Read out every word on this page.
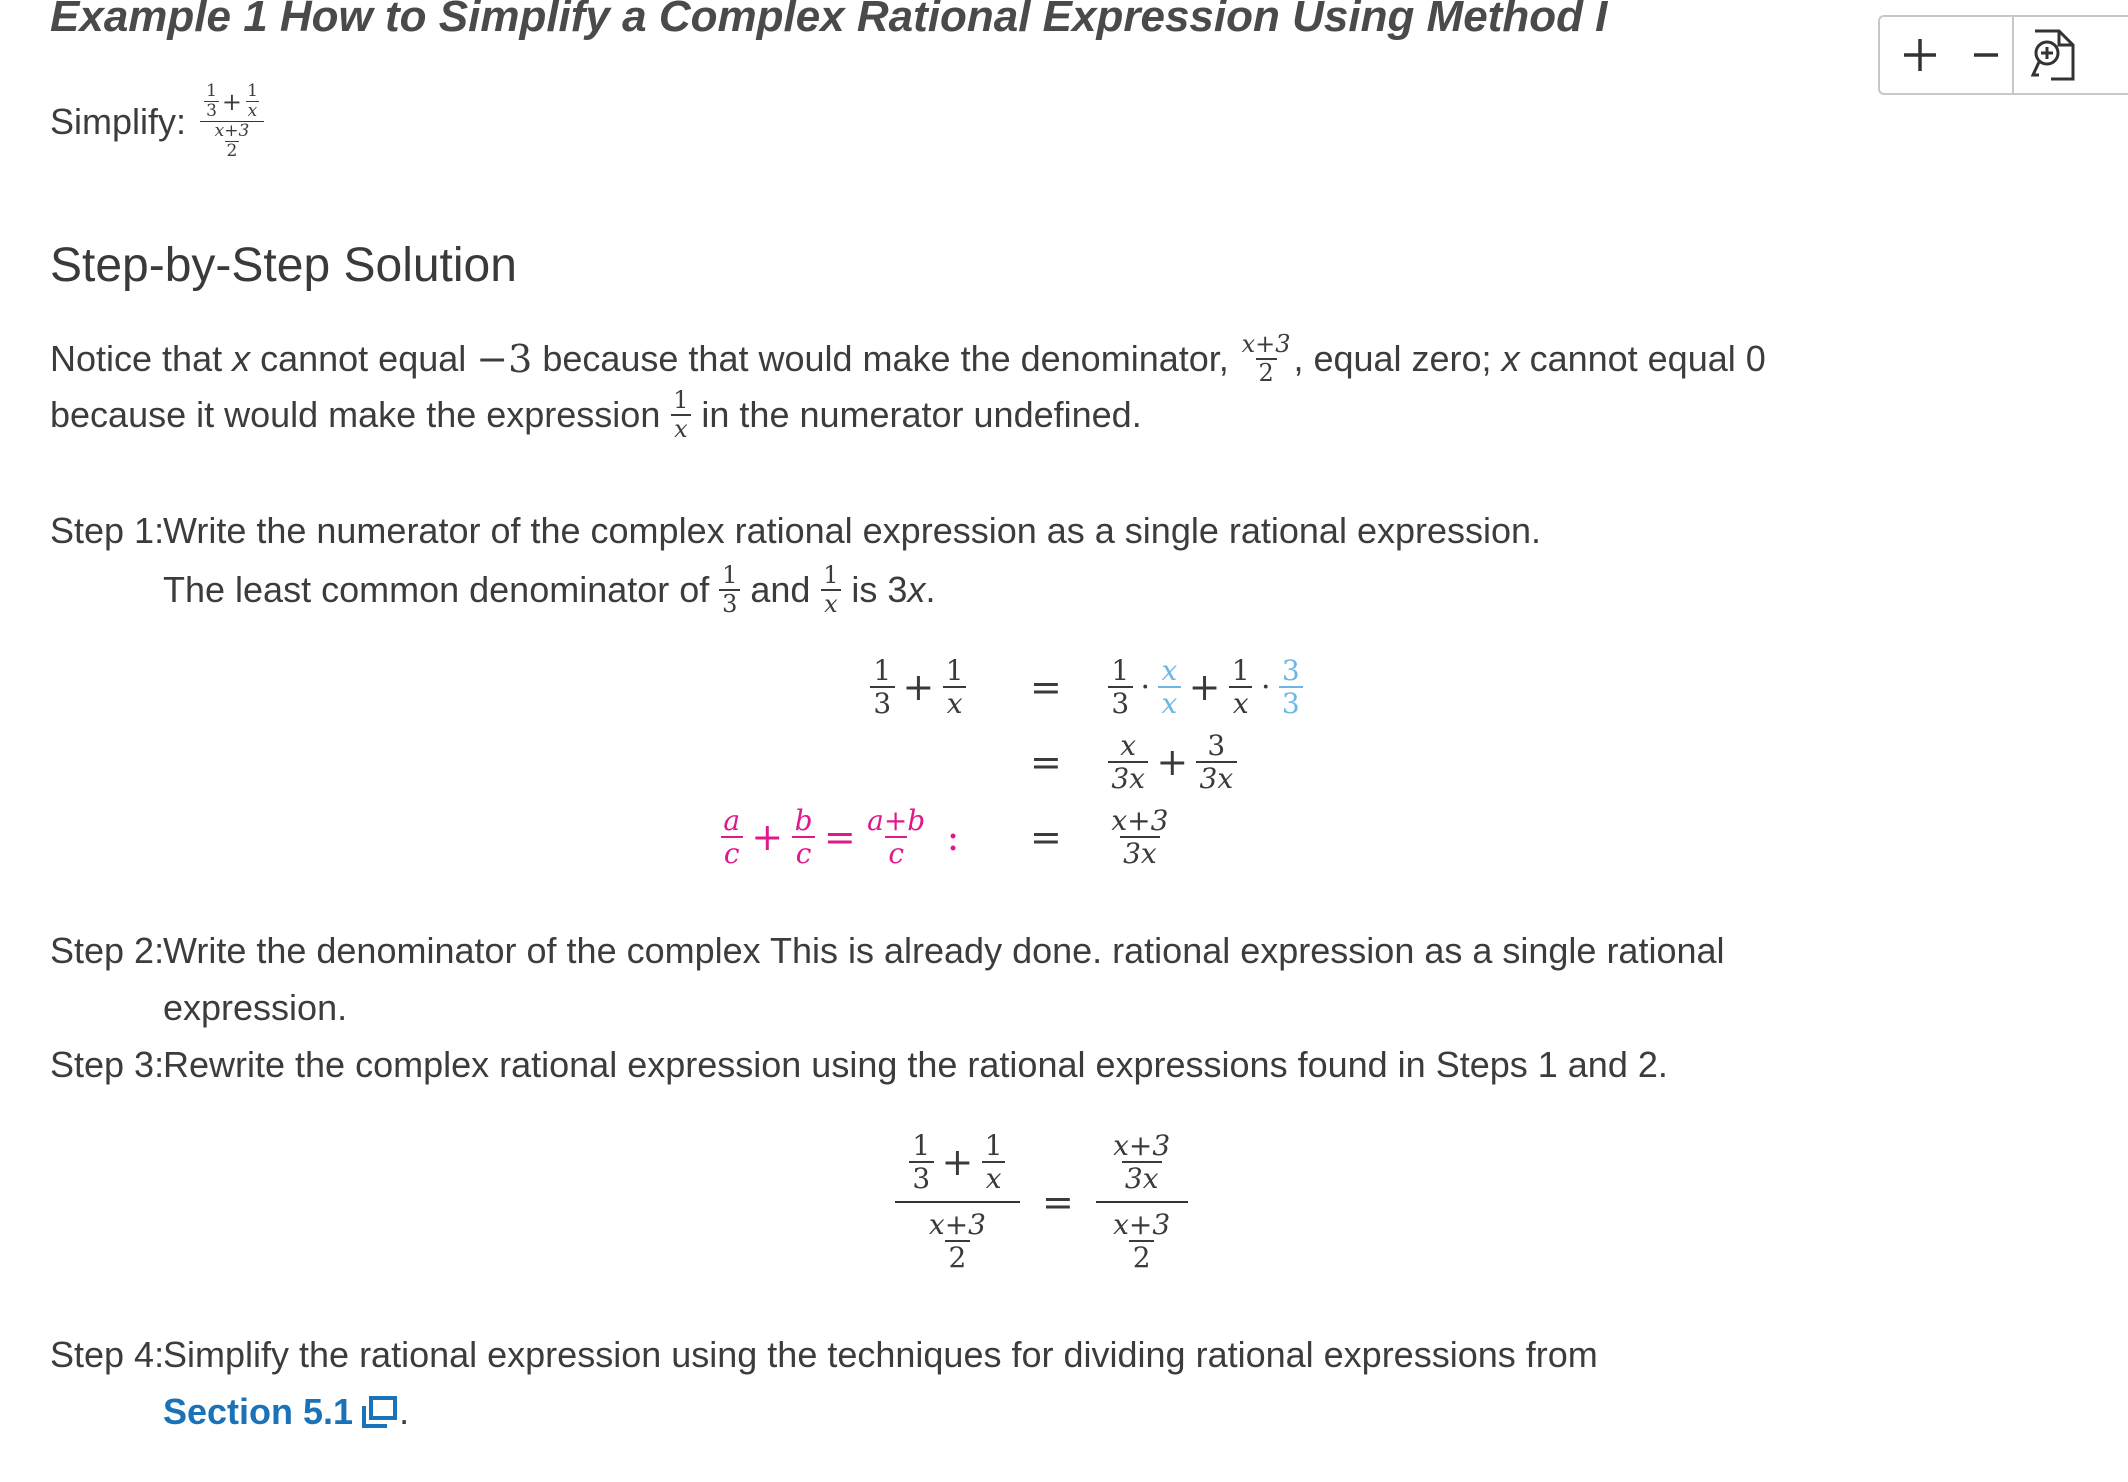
Example 1 How to Simplify a Complex Rational Expression Using Method I
Simplify: $\frac{1}{3} + \frac{1}{x}$
$\frac{x+3}{2}$
Step-by-Step Solution
Notice that x cannot equal −3 because that would make the denominator, $\frac{x+3}{2}$ , equal zero; x cannot equal 0
because it would make the expression $\frac{1}{x}$ in the numerator undefined.
Step 1:
Write the numerator of the complex rational expression as a single rational expression.
The least common denominator of $\frac{1}{3}$ and $\frac{1}{x}$ is 3 x .
$\frac{1}{3} + \frac{1}{x} = \frac{1}{3} \cdot \frac{x}{x} + \frac{1}{x} \cdot \frac{3}{3}$
= $\frac{x}{3x} + \frac{3}{3x}$
$\frac{a}{c} + \frac{b}{c} = \frac{a+b}{c}$ : = $\frac{x+3}{3x}$
Step 2:
Write the denominator of the complex This is already done. rational expression as a single rational
expression.
Step 3:
Rewrite the complex rational expression using the rational expressions found in Steps 1 and 2.
$\frac{\frac{1}{3} + \frac{1}{x}}{\frac{x+3}{2}} = \frac{\frac{x+3}{3x}}{\frac{x+3}{2}}$
Step 4:
Simplify the rational expression using the techniques for dividing rational expressions from
Section 5.1 .
